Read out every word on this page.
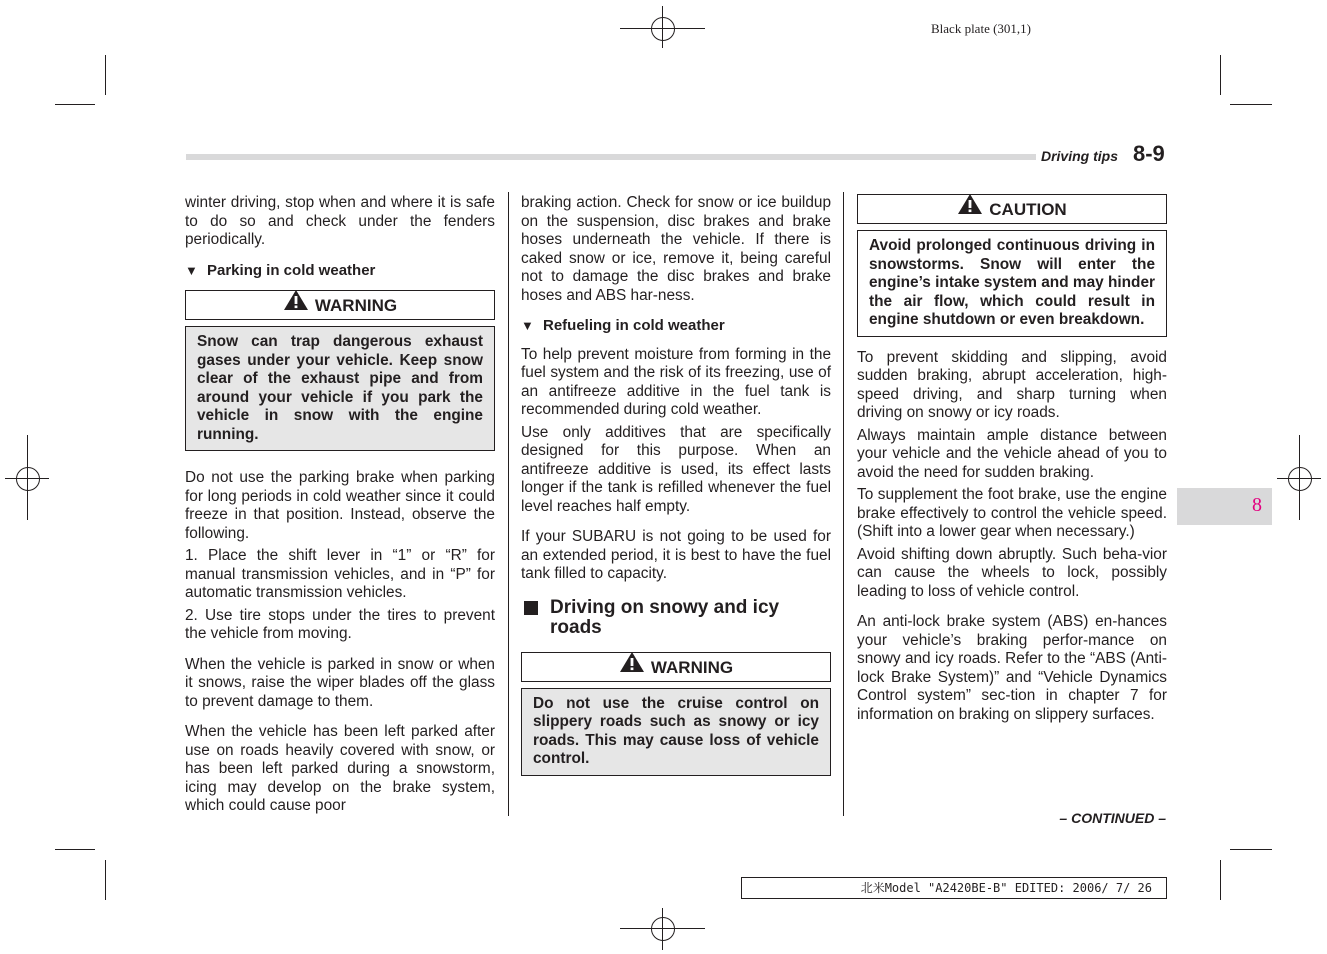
Black plate (301,1)
Driving tips 8-9

winter driving, stop when and where it is safe to do so and check under the fenders periodically.

▼ Parking in cold weather
WARNING
Snow can trap dangerous exhaust gases under your vehicle. Keep snow clear of the exhaust pipe and from around your vehicle if you park the vehicle in snow with the engine running.

Do not use the parking brake when parking for long periods in cold weather since it could freeze in that position. Instead, observe the following.

1. Place the shift lever in “1” or “R” for manual transmission vehicles, and in “P” for automatic transmission vehicles.

2. Use tire stops under the tires to prevent the vehicle from moving.

When the vehicle is parked in snow or when it snows, raise the wiper blades off the glass to prevent damage to them.

When the vehicle has been left parked after use on roads heavily covered with snow, or has been left parked during a snowstorm, icing may develop on the brake system, which could cause poor

braking action. Check for snow or ice buildup on the suspension, disc brakes and brake hoses underneath the vehicle. If there is caked snow or ice, remove it, being careful not to damage the disc brakes and brake hoses and ABS har-ness.

▼ Refueling in cold weather

To help prevent moisture from forming in the fuel system and the risk of its freezing, use of an antifreeze additive in the fuel tank is recommended during cold weather.

Use only additives that are specifically designed for this purpose. When an antifreeze additive is used, its effect lasts longer if the tank is refilled whenever the fuel level reaches half empty.

If your SUBARU is not going to be used for an extended period, it is best to have the fuel tank filled to capacity.

Driving on snowy and icy roads
WARNING
Do not use the cruise control on slippery roads such as snowy or icy roads. This may cause loss of vehicle control.
CAUTION
Avoid prolonged continuous driving in snowstorms. Snow will enter the engine’s intake system and may hinder the air flow, which could result in engine shutdown or even breakdown.

To prevent skidding and slipping, avoid sudden braking, abrupt acceleration, high-speed driving, and sharp turning when driving on snowy or icy roads.

Always maintain ample distance between your vehicle and the vehicle ahead of you to avoid the need for sudden braking.

To supplement the foot brake, use the engine brake effectively to control the vehicle speed. (Shift into a lower gear when necessary.)

Avoid shifting down abruptly. Such beha-vior can cause the wheels to lock, possibly leading to loss of vehicle control.

An anti-lock brake system (ABS) en-hances your vehicle’s braking perfor-mance on snowy and icy roads. Refer to the “ABS (Anti-lock Brake System)” and “Vehicle Dynamics Control system” sec-tion in chapter 7 for information on braking on slippery surfaces.

8
– CONTINUED –
北米Model "A2420BE-B" EDITED: 2006/ 7/ 26
